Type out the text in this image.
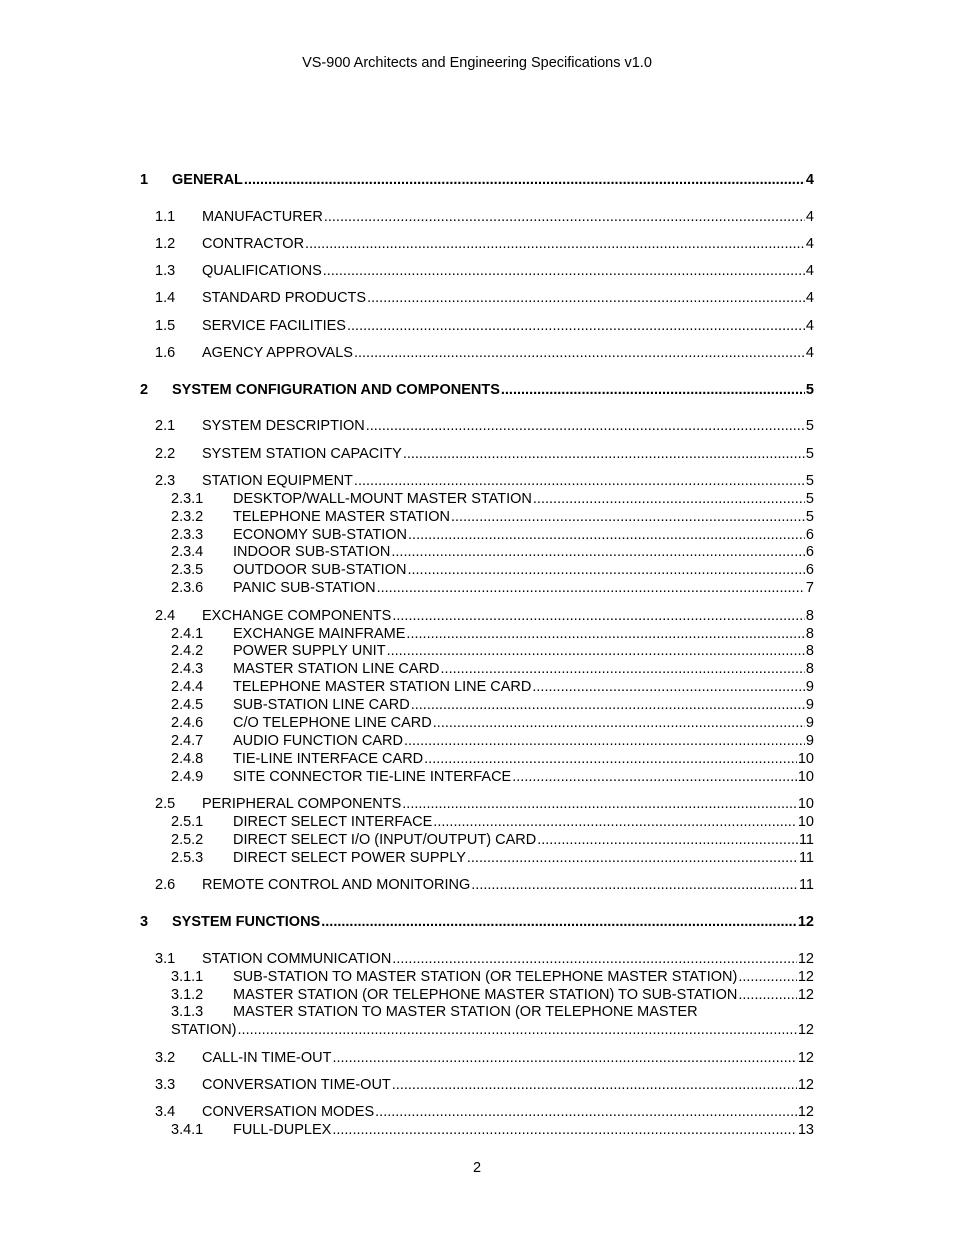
VS-900 Architects and Engineering Specifications v1.0
1 GENERAL .....	4
1.1 MANUFACTURER .....	4
1.2 CONTRACTOR .....	4
1.3 QUALIFICATIONS .....	4
1.4 STANDARD PRODUCTS .....	4
1.5 SERVICE FACILITIES .....	4
1.6 AGENCY APPROVALS .....	4
2 SYSTEM CONFIGURATION AND COMPONENTS .....	5
2.1 SYSTEM DESCRIPTION .....	5
2.2 SYSTEM STATION CAPACITY .....	5
2.3 STATION EQUIPMENT .....	5
2.3.1 DESKTOP/WALL-MOUNT MASTER STATION .....	5
2.3.2 TELEPHONE MASTER STATION .....	5
2.3.3 ECONOMY SUB-STATION .....	6
2.3.4 INDOOR SUB-STATION .....	6
2.3.5 OUTDOOR SUB-STATION .....	6
2.3.6 PANIC SUB-STATION .....	7
2.4 EXCHANGE COMPONENTS .....	8
2.4.1 EXCHANGE MAINFRAME .....	8
2.4.2 POWER SUPPLY UNIT .....	8
2.4.3 MASTER STATION LINE CARD .....	8
2.4.4 TELEPHONE MASTER STATION LINE CARD .....	9
2.4.5 SUB-STATION LINE CARD .....	9
2.4.6 C/O TELEPHONE LINE CARD .....	9
2.4.7 AUDIO FUNCTION CARD .....	9
2.4.8 TIE-LINE INTERFACE CARD .....	10
2.4.9 SITE CONNECTOR TIE-LINE INTERFACE .....	10
2.5 PERIPHERAL COMPONENTS .....	10
2.5.1 DIRECT SELECT INTERFACE .....	10
2.5.2 DIRECT SELECT I/O (INPUT/OUTPUT) CARD .....	11
2.5.3 DIRECT SELECT POWER SUPPLY .....	11
2.6 REMOTE CONTROL AND MONITORING .....	11
3 SYSTEM FUNCTIONS .....	12
3.1 STATION COMMUNICATION .....	12
3.1.1 SUB-STATION TO MASTER STATION (OR TELEPHONE MASTER STATION) .....	12
3.1.2 MASTER STATION (OR TELEPHONE MASTER STATION) TO SUB-STATION .....	12
3.1.3 MASTER STATION TO MASTER STATION (OR TELEPHONE MASTER
STATION) .....	12
3.2 CALL-IN TIME-OUT .....	12
3.3 CONVERSATION TIME-OUT .....	12
3.4 CONVERSATION MODES .....	12
3.4.1 FULL-DUPLEX .....	13
2
